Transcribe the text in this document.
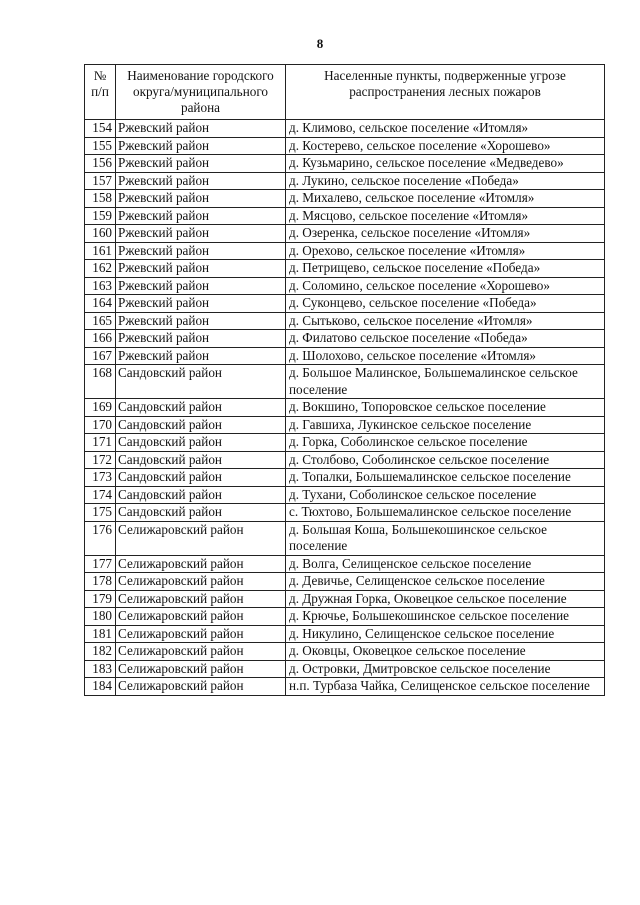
8
№ п/п	Наименование городского округа/муниципального района	Населенные пункты, подверженные угрозе распространения лесных пожаров
154	Ржевский район	д. Климово, сельское поселение «Итомля»
155	Ржевский район	д. Костерево, сельское поселение «Хорошево»
156	Ржевский район	д. Кузьмарино, сельское поселение «Медведево»
157	Ржевский район	д. Лукино, сельское поселение «Победа»
158	Ржевский район	д. Михалево, сельское поселение «Итомля»
159	Ржевский район	д. Мясцово, сельское поселение «Итомля»
160	Ржевский район	д. Озеренка, сельское поселение «Итомля»
161	Ржевский район	д. Орехово, сельское поселение «Итомля»
162	Ржевский район	д. Петрищево, сельское поселение «Победа»
163	Ржевский район	д. Соломино, сельское поселение «Хорошево»
164	Ржевский район	д. Суконцево, сельское поселение «Победа»
165	Ржевский район	д. Сытьково, сельское поселение «Итомля»
166	Ржевский район	д. Филатово сельское поселение «Победа»
167	Ржевский район	д. Шолохово, сельское поселение «Итомля»
168	Сандовский район	д. Большое Малинское, Большемалинское сельское поселение
169	Сандовский район	д. Вокшино, Топоровское сельское поселение
170	Сандовский район	д. Гавшиха, Лукинское сельское поселение
171	Сандовский район	д. Горка, Соболинское сельское поселение
172	Сандовский район	д. Столбово, Соболинское сельское поселение
173	Сандовский район	д. Топалки, Большемалинское сельское поселение
174	Сандовский район	д. Тухани, Соболинское сельское поселение
175	Сандовский район	с. Тюхтово, Большемалинское сельское поселение
176	Селижаровский район	д. Большая Коша, Большекошинское сельское поселение
177	Селижаровский район	д. Волга, Селищенское сельское поселение
178	Селижаровский район	д. Девичье, Селищенское сельское поселение
179	Селижаровский район	д. Дружная Горка, Оковецкое сельское поселение
180	Селижаровский район	д. Крючье, Большекошинское сельское поселение
181	Селижаровский район	д. Никулино, Селищенское сельское поселение
182	Селижаровский район	д. Оковцы, Оковецкое сельское поселение
183	Селижаровский район	д. Островки, Дмитровское сельское поселение
184	Селижаровский район	н.п. Турбаза Чайка, Селищенское сельское поселение
